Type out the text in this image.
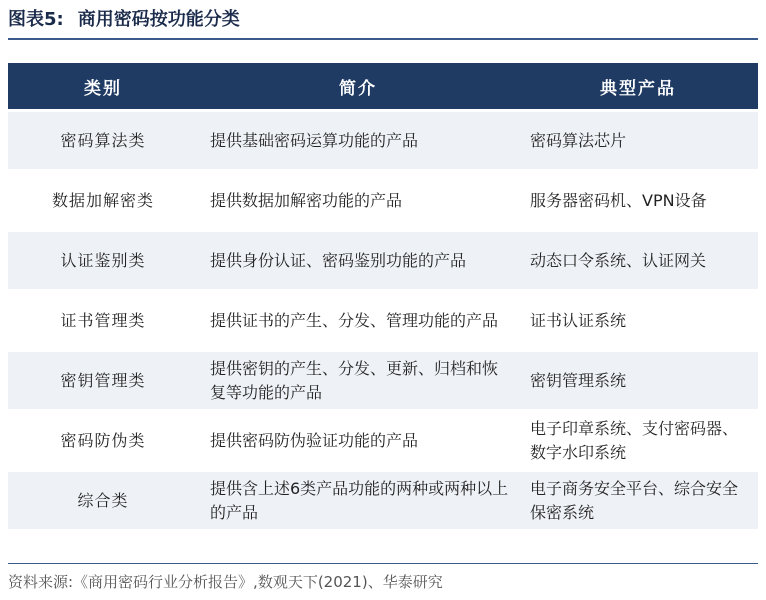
图表5: 商用密码按功能分类
类别	简介	典型产品
密码算法类	提供基础密码运算功能的产品	密码算法芯片
数据加解密类	提供数据加解密功能的产品	服务器密码机、VPN设备
认证鉴别类	提供身份认证、密码鉴别功能的产品	动态口令系统、认证网关
证书管理类	提供证书的产生、分发、管理功能的产品	证书认证系统
密钥管理类	提供密钥的产生、分发、更新、归档和恢复等功能的产品	密钥管理系统
密码防伪类	提供密码防伪验证功能的产品	电子印章系统、支付密码器、数字水印系统
综合类	提供含上述6类产品功能的两种或两种以上的产品	电子商务安全平台、综合安全保密系统
资料来源:《商用密码行业分析报告》,数观天下(2021)、华泰研究
